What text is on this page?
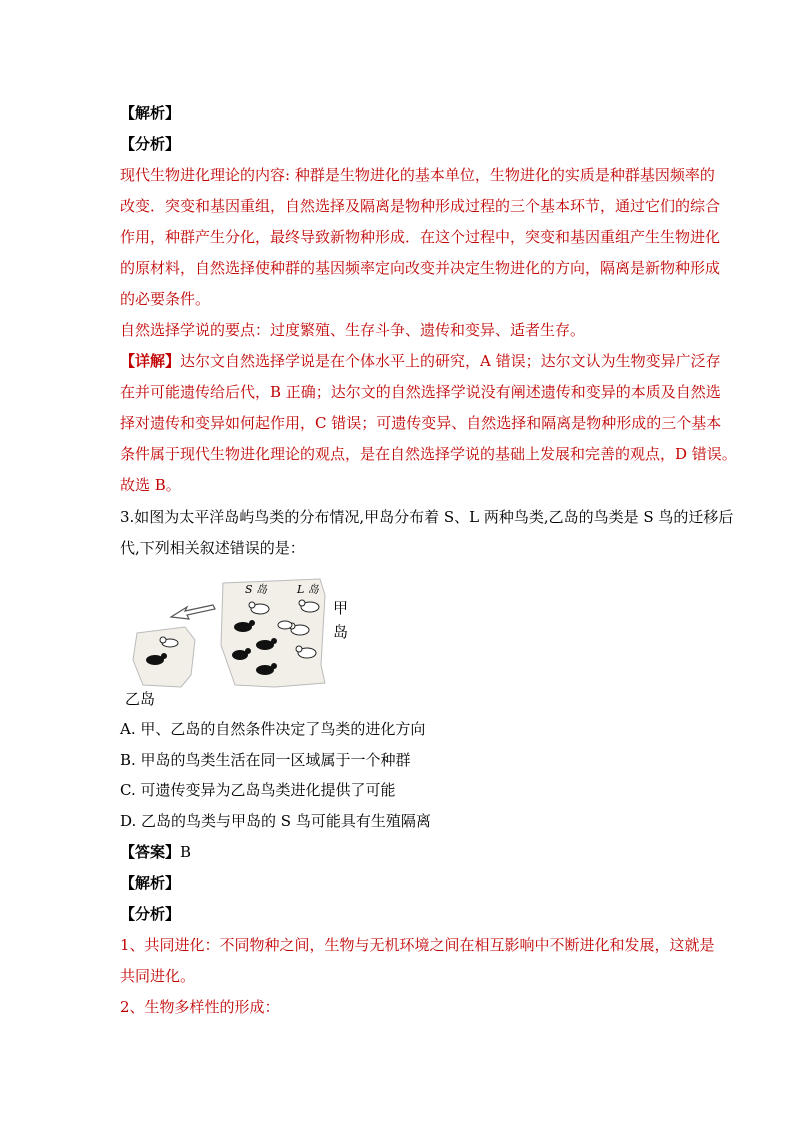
【解析】
【分析】
现代生物进化理论的内容: 种群是生物进化的基本单位，生物进化的实质是种群基因频率的
改变．突变和基因重组，自然选择及隔离是物种形成过程的三个基本环节，通过它们的综合
作用，种群产生分化，最终导致新物种形成．在这个过程中，突变和基因重组产生生物进化
的原材料，自然选择使种群的基因频率定向改变并决定生物进化的方向，隔离是新物种形成
的必要条件。
自然选择学说的要点：过度繁殖、生存斗争、遗传和变异、适者生存。
【详解】达尔文自然选择学说是在个体水平上的研究，A 错误；达尔文认为生物变异广泛存
在并可能遗传给后代，B 正确；达尔文的自然选择学说没有阐述遗传和变异的本质及自然选
择对遗传和变异如何起作用，C 错误；可遗传变异、自然选择和隔离是物种形成的三个基本
条件属于现代生物进化理论的观点，是在自然选择学说的基础上发展和完善的观点，D 错误。
故选 B。
3.如图为太平洋岛屿鸟类的分布情况,甲岛分布着 S、L 两种鸟类,乙岛的鸟类是 S 鸟的迁移后
代,下列相关叙述错误的是：
S 岛	L 岛
甲
岛
乙岛
A. 甲、乙岛的自然条件决定了鸟类的进化方向
B. 甲岛的鸟类生活在同一区域属于一个种群
C. 可遗传变异为乙岛鸟类进化提供了可能
D. 乙岛的鸟类与甲岛的 S 鸟可能具有生殖隔离
【答案】B
【解析】
【分析】
1、共同进化：不同物种之间，生物与无机环境之间在相互影响中不断进化和发展，这就是
共同进化。
2、生物多样性的形成：
